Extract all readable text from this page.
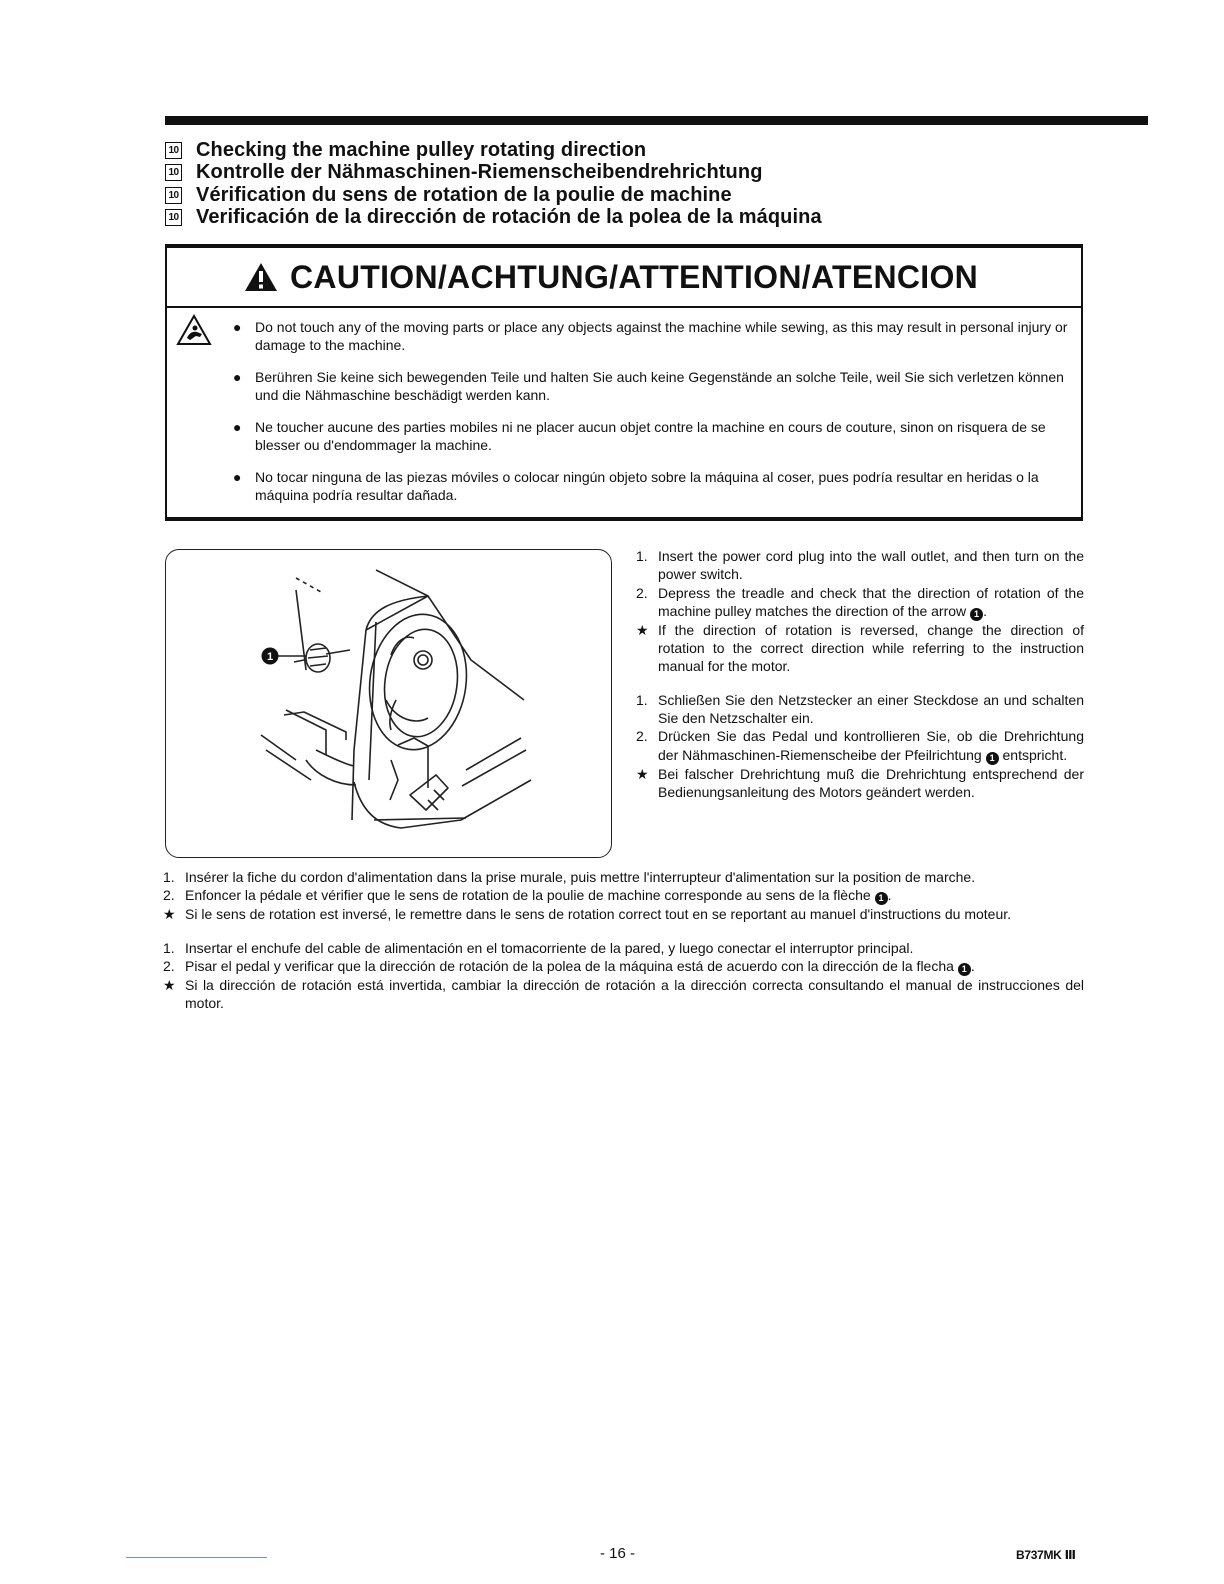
10 Checking the machine pulley rotating direction
10 Kontrolle der Nähmaschinen-Riemenscheibendrehrichtung
10 Vérification du sens de rotation de la poulie de machine
10 Verificación de la dirección de rotación de la polea de la máquina
CAUTION/ACHTUNG/ATTENTION/ATENCION
● Do not touch any of the moving parts or place any objects against the machine while sewing, as this may result in personal injury or damage to the machine.
● Berühren Sie keine sich bewegenden Teile und halten Sie auch keine Gegenstände an solche Teile, weil Sie sich verletzen können und die Nähmaschine beschädigt werden kann.
● Ne toucher aucune des parties mobiles ni ne placer aucun objet contre la machine en cours de couture, sinon on risquera de se blesser ou d'endommager la machine.
● No tocar ninguna de las piezas móviles o colocar ningún objeto sobre la máquina al coser, pues podría resultar en heridas o la máquina podría resultar dañada.
1
1. Insert the power cord plug into the wall outlet, and then turn on the power switch.
2. Depress the treadle and check that the direction of rotation of the machine pulley matches the direction of the arrow 1 .
★ If the direction of rotation is reversed, change the direction of rotation to the correct direction while referring to the instruction manual for the motor.
1. Schließen Sie den Netzstecker an einer Steckdose an und schalten Sie den Netzschalter ein.
2. Drücken Sie das Pedal und kontrollieren Sie, ob die Drehrichtung der Nähmaschinen-Riemenscheibe der Pfeilrichtung 1 entspricht.
★ Bei falscher Drehrichtung muß die Drehrichtung entsprechend der Bedienungsanleitung des Motors geändert werden.
1. Insérer la fiche du cordon d'alimentation dans la prise murale, puis mettre l'interrupteur d'alimentation sur la position de marche.
2. Enfoncer la pédale et vérifier que le sens de rotation de la poulie de machine corresponde au sens de la flèche 1 .
★ Si le sens de rotation est inversé, le remettre dans le sens de rotation correct tout en se reportant au manuel d'instructions du moteur.
1. Insertar el enchufe del cable de alimentación en el tomacorriente de la pared, y luego conectar el interruptor principal.
2. Pisar el pedal y verificar que la dirección de rotación de la polea de la máquina está de acuerdo con la dirección de la flecha 1 .
★ Si la dirección de rotación está invertida, cambiar la dirección de rotación a la dirección correcta consultando el manual de instrucciones del motor.
- 16 -	B737MK Ⅲ
